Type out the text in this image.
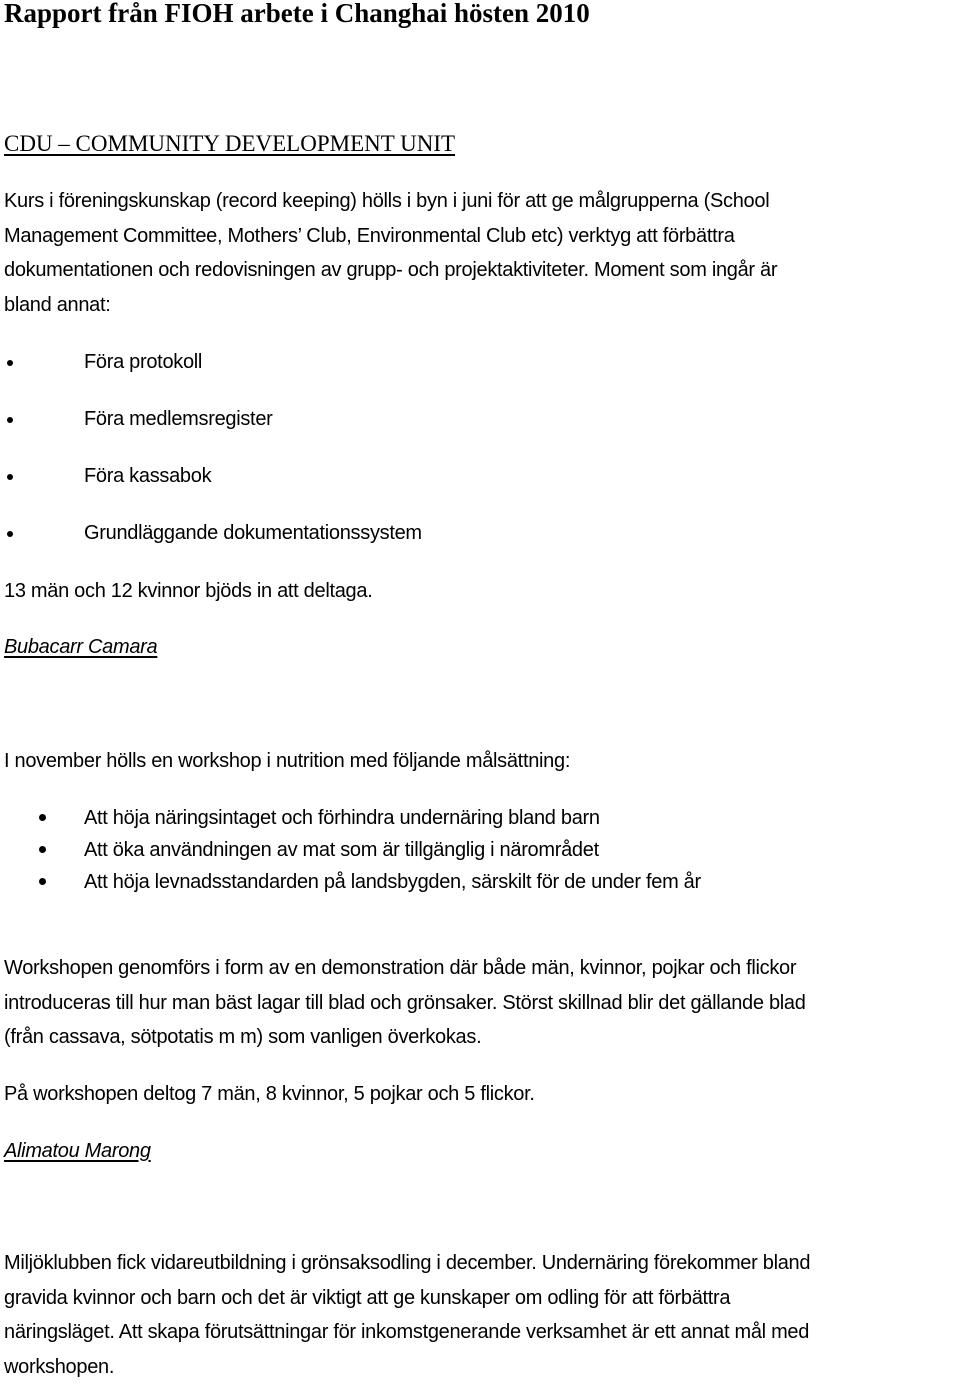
Rapport från FIOH arbete i Changhai hösten 2010
CDU – COMMUNITY DEVELOPMENT UNIT

Kurs i föreningskunskap (record keeping) hölls i byn i juni för att ge målgrupperna (School
Management Committee, Mothers’ Club, Environmental Club etc) verktyg att förbättra
dokumentationen och redovisningen av grupp- och projektaktiviteter. Moment som ingår är
bland annat:

Föra protokoll
Föra medlemsregister
Föra kassabok
Grundläggande dokumentationssystem

13 män och 12 kvinnor bjöds in att deltaga.

Bubacarr Camara

I november hölls en workshop i nutrition med följande målsättning:

Att höja näringsintaget och förhindra undernäring bland barn
Att öka användningen av mat som är tillgänglig i närområdet
Att höja levnadsstandarden på landsbygden, särskilt för de under fem år

Workshopen genomförs i form av en demonstration där både män, kvinnor, pojkar och flickor
introduceras till hur man bäst lagar till blad och grönsaker. Störst skillnad blir det gällande blad
(från cassava, sötpotatis m m) som vanligen överkokas.

På workshopen deltog 7 män, 8 kvinnor, 5 pojkar och 5 flickor.

Alimatou Marong

Miljöklubben fick vidareutbildning i grönsaksodling i december. Undernäring förekommer bland
gravida kvinnor och barn och det är viktigt att ge kunskaper om odling för att förbättra
näringsläget. Att skapa förutsättningar för inkomstgenerande verksamhet är ett annat mål med
workshopen.
